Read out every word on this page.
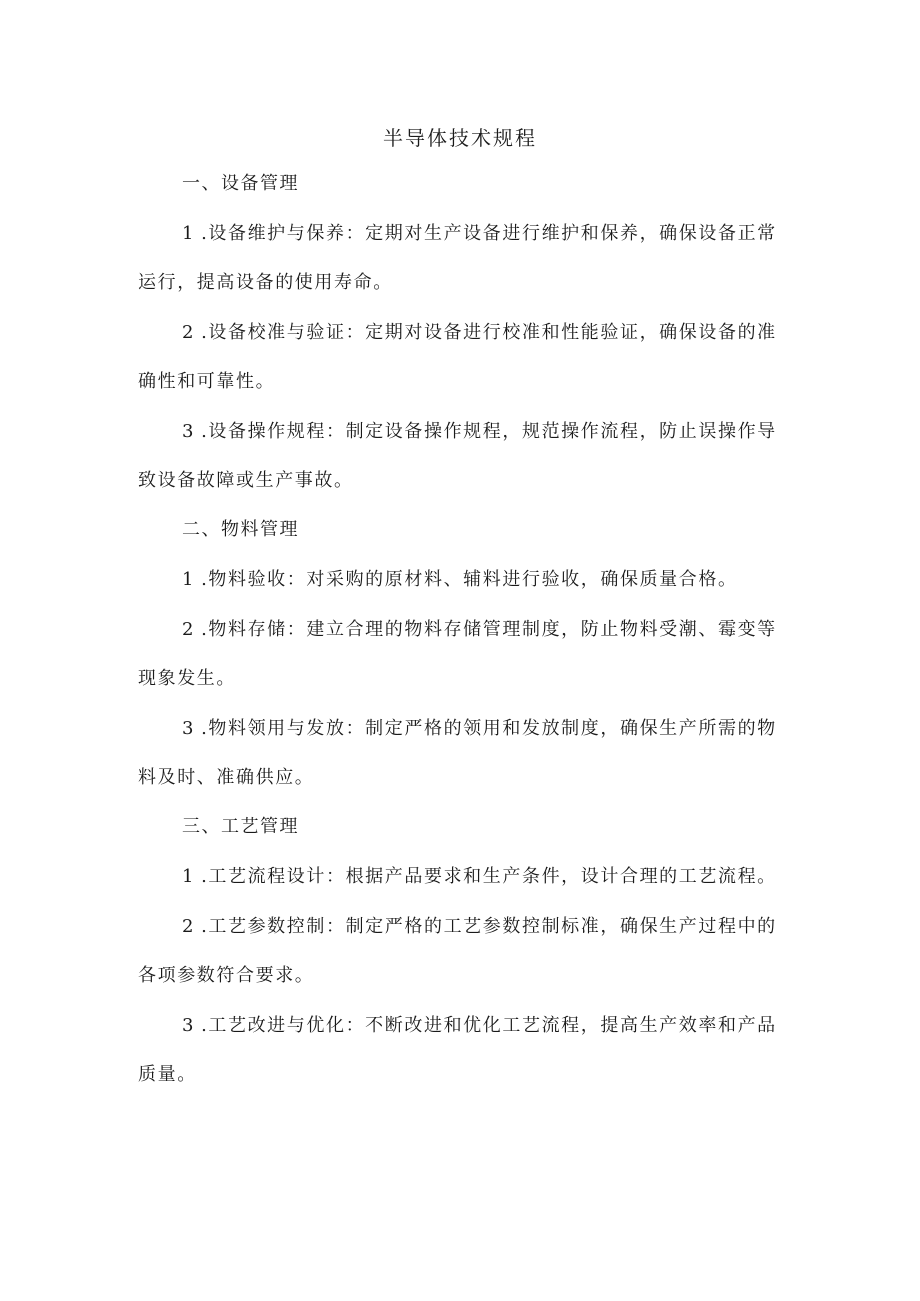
半导体技术规程
一、设备管理

1 .设备维护与保养：定期对生产设备进行维护和保养，确保设备正常运行，提高设备的使用寿命。

2 .设备校准与验证：定期对设备进行校准和性能验证，确保设备的准确性和可靠性。

3 .设备操作规程：制定设备操作规程，规范操作流程，防止误操作导致设备故障或生产事故。

二、物料管理

1 .物料验收：对采购的原材料、辅料进行验收，确保质量合格。

2 .物料存储：建立合理的物料存储管理制度，防止物料受潮、霉变等现象发生。

3 .物料领用与发放：制定严格的领用和发放制度，确保生产所需的物料及时、准确供应。

三、工艺管理

1 .工艺流程设计：根据产品要求和生产条件，设计合理的工艺流程。

2 .工艺参数控制：制定严格的工艺参数控制标准，确保生产过程中的各项参数符合要求。

3 .工艺改进与优化：不断改进和优化工艺流程，提高生产效率和产品质量。
